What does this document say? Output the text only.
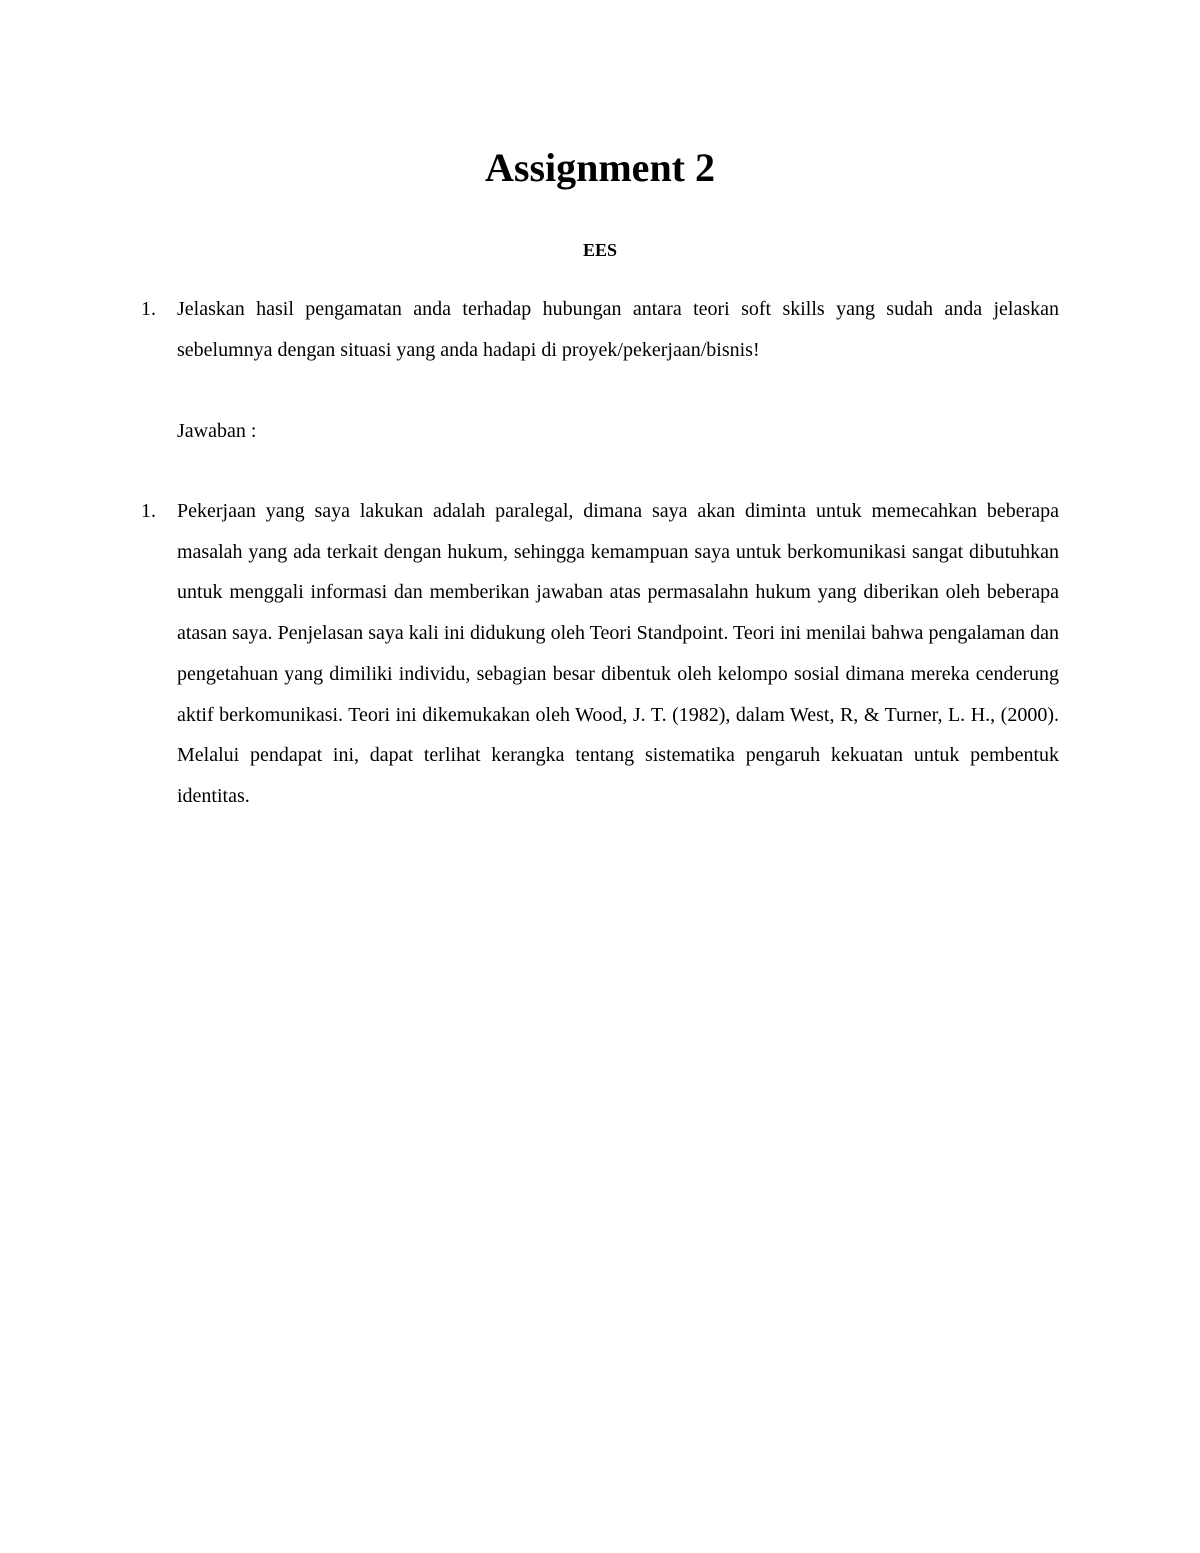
Assignment 2

EES

1.	Jelaskan hasil pengamatan anda terhadap hubungan antara teori soft skills yang sudah anda jelaskan sebelumnya dengan situasi yang anda hadapi di proyek/pekerjaan/bisnis!
Jawaban :
1.	Pekerjaan yang saya lakukan adalah paralegal, dimana saya akan diminta untuk memecahkan beberapa masalah yang ada terkait dengan hukum, sehingga kemampuan saya untuk berkomunikasi sangat dibutuhkan untuk menggali informasi dan memberikan jawaban atas permasalahn hukum yang diberikan oleh beberapa atasan saya. Penjelasan saya kali ini didukung oleh Teori Standpoint. Teori ini menilai bahwa pengalaman dan pengetahuan yang dimiliki individu, sebagian besar dibentuk oleh kelompo sosial dimana mereka cenderung aktif berkomunikasi. Teori ini dikemukakan oleh Wood, J. T. (1982), dalam West, R, & Turner, L. H., (2000). Melalui pendapat ini, dapat terlihat kerangka tentang sistematika pengaruh kekuatan untuk pembentuk identitas.
